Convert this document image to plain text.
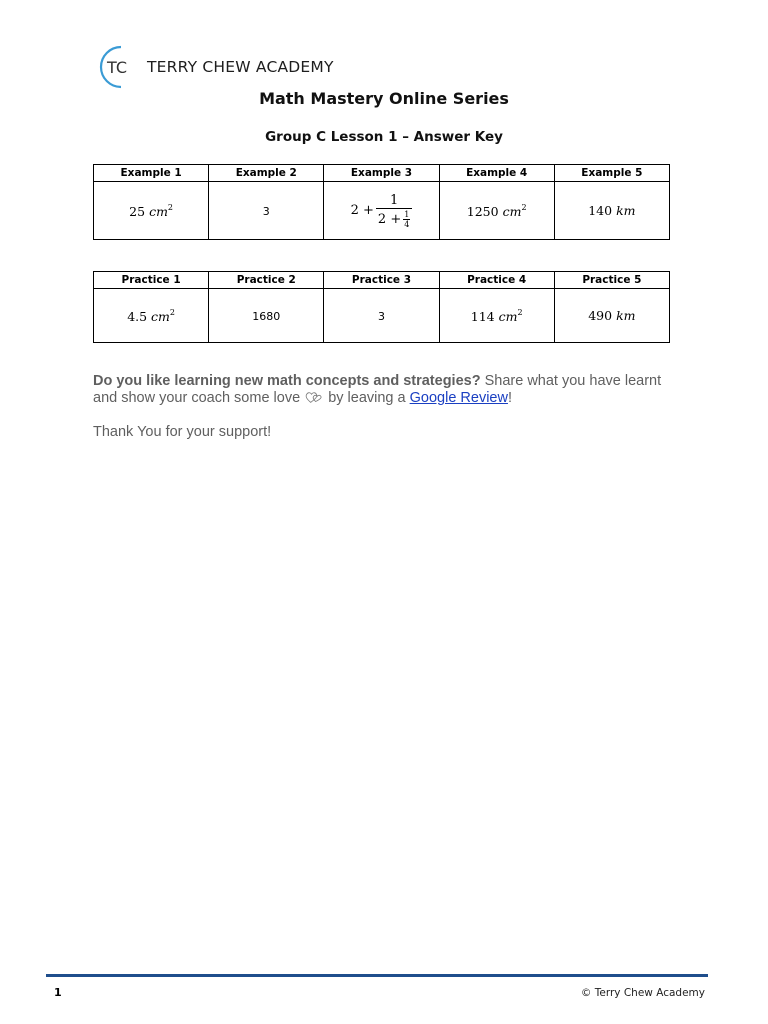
TC TERRY CHEW ACADEMY
Math Mastery Online Series
Group C Lesson 1 – Answer Key
Example 1	Example 2	Example 3	Example 4	Example 5
25 $cm^2$	3	$2 + \frac{1}{2 + \frac{1}{4}}$	1250 $cm^2$	140 km
Practice 1	Practice 2	Practice 3	Practice 4	Practice 5
4.5 $cm^2$	1680	3	114 $cm^2$	490 km
Do you like learning new math concepts and strategies? Share what you have learnt and show your coach some love  by leaving a Google Review!
Thank You for your support!
1	© Terry Chew Academy
